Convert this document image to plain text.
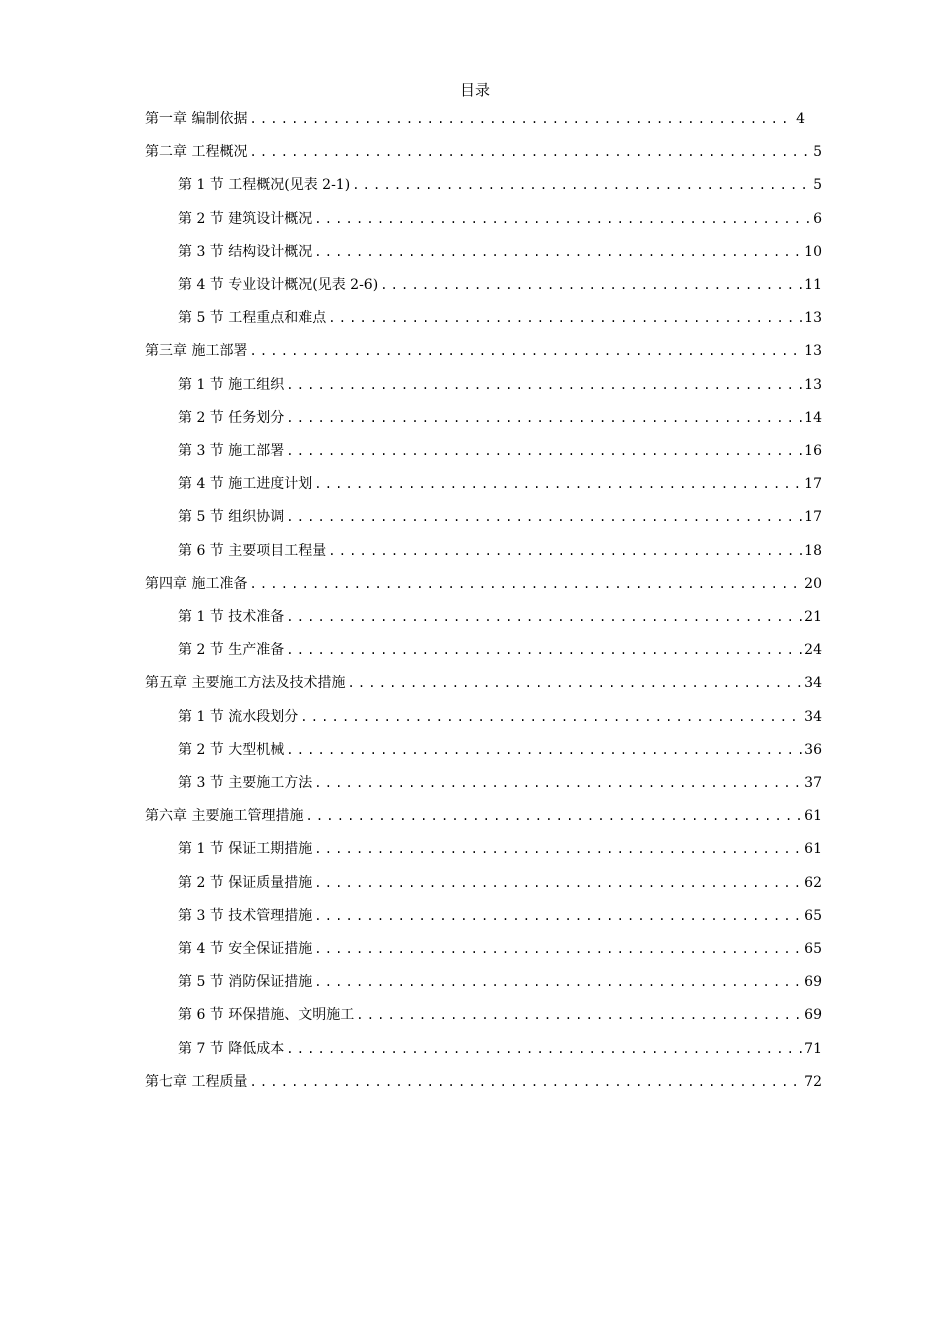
目录
第一章 编制依据 .....	4
第二章 工程概况 .....	5
第 1 节 工程概况(见表 2-1) .....	5
第 2 节 建筑设计概况 .....	6
第 3 节 结构设计概况 .....	10
第 4 节 专业设计概况(见表 2-6) .....	11
第 5 节 工程重点和难点 .....	13
第三章 施工部署 .....	13
第 1 节 施工组织 .....	13
第 2 节 任务划分 .....	14
第 3 节 施工部署 .....	16
第 4 节 施工进度计划 .....	17
第 5 节 组织协调 .....	17
第 6 节 主要项目工程量 .....	18
第四章 施工准备 .....	20
第 1 节 技术准备 .....	21
第 2 节 生产准备 .....	24
第五章 主要施工方法及技术措施 .....	34
第 1 节 流水段划分 .....	34
第 2 节 大型机械 .....	36
第 3 节 主要施工方法 .....	37
第六章 主要施工管理措施 .....	61
第 1 节 保证工期措施 .....	61
第 2 节 保证质量措施 .....	62
第 3 节 技术管理措施 .....	65
第 4 节 安全保证措施 .....	65
第 5 节 消防保证措施 .....	69
第 6 节 环保措施、文明施工 .....	69
第 7 节 降低成本 .....	71
第七章 工程质量 .....	72
